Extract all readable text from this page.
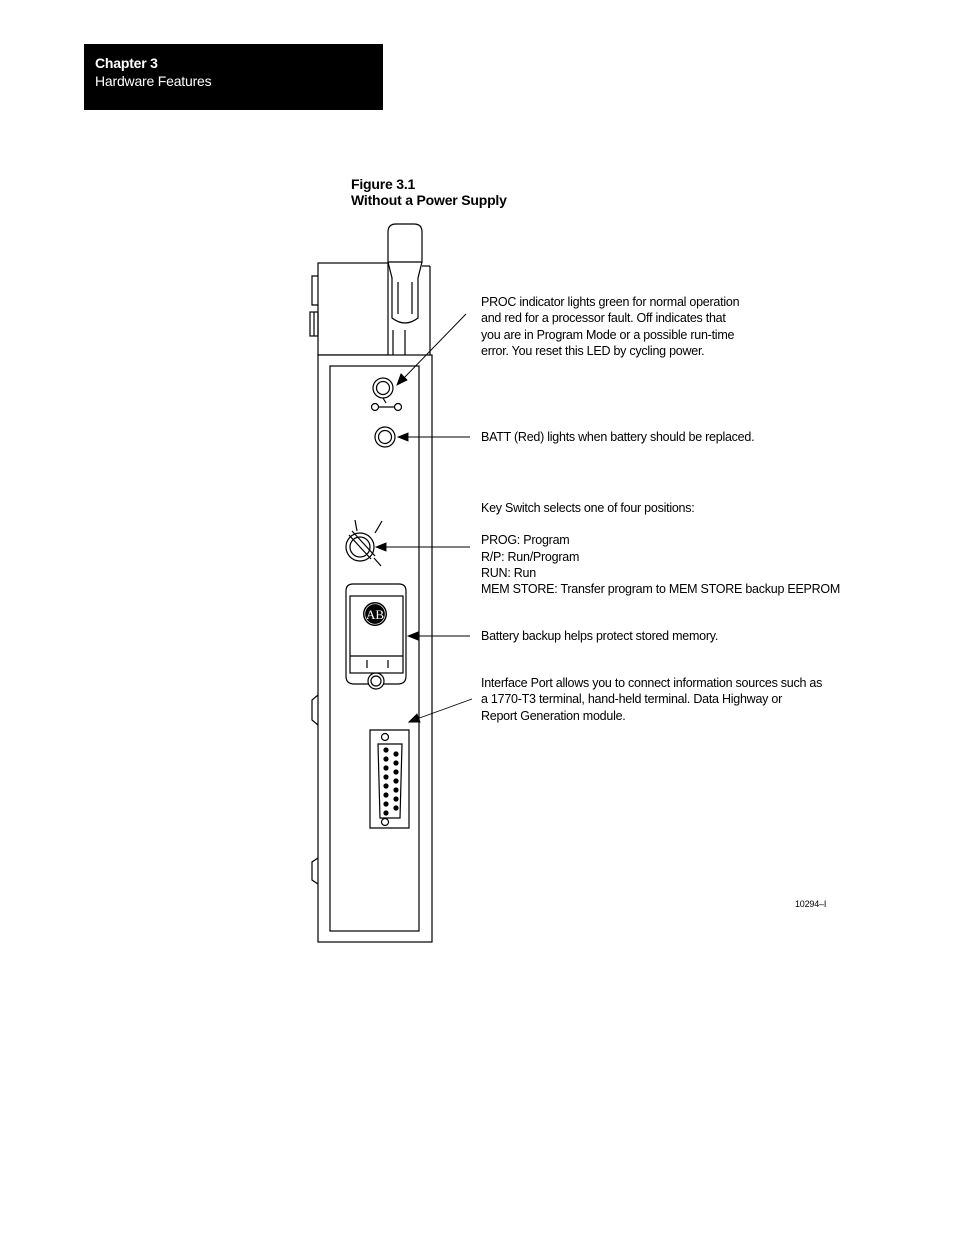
Chapter 3
Hardware Features
Figure 3.1
Without a Power Supply
AB
PROC indicator lights green for normal operation
and red for a processor fault. Off indicates that
you are in Program Mode or a possible run-time
error. You reset this LED by cycling power.
BATT (Red) lights when battery should be replaced.
Key Switch selects one of four positions:
PROG: Program
R/P: Run/Program
RUN: Run
MEM STORE: Transfer program to MEM STORE backup EEPROM
Battery backup helps protect stored memory.
Interface Port allows you to connect information sources such as
a 1770-T3 terminal, hand-held terminal. Data Highway or
Report Generation module.
10294–I
